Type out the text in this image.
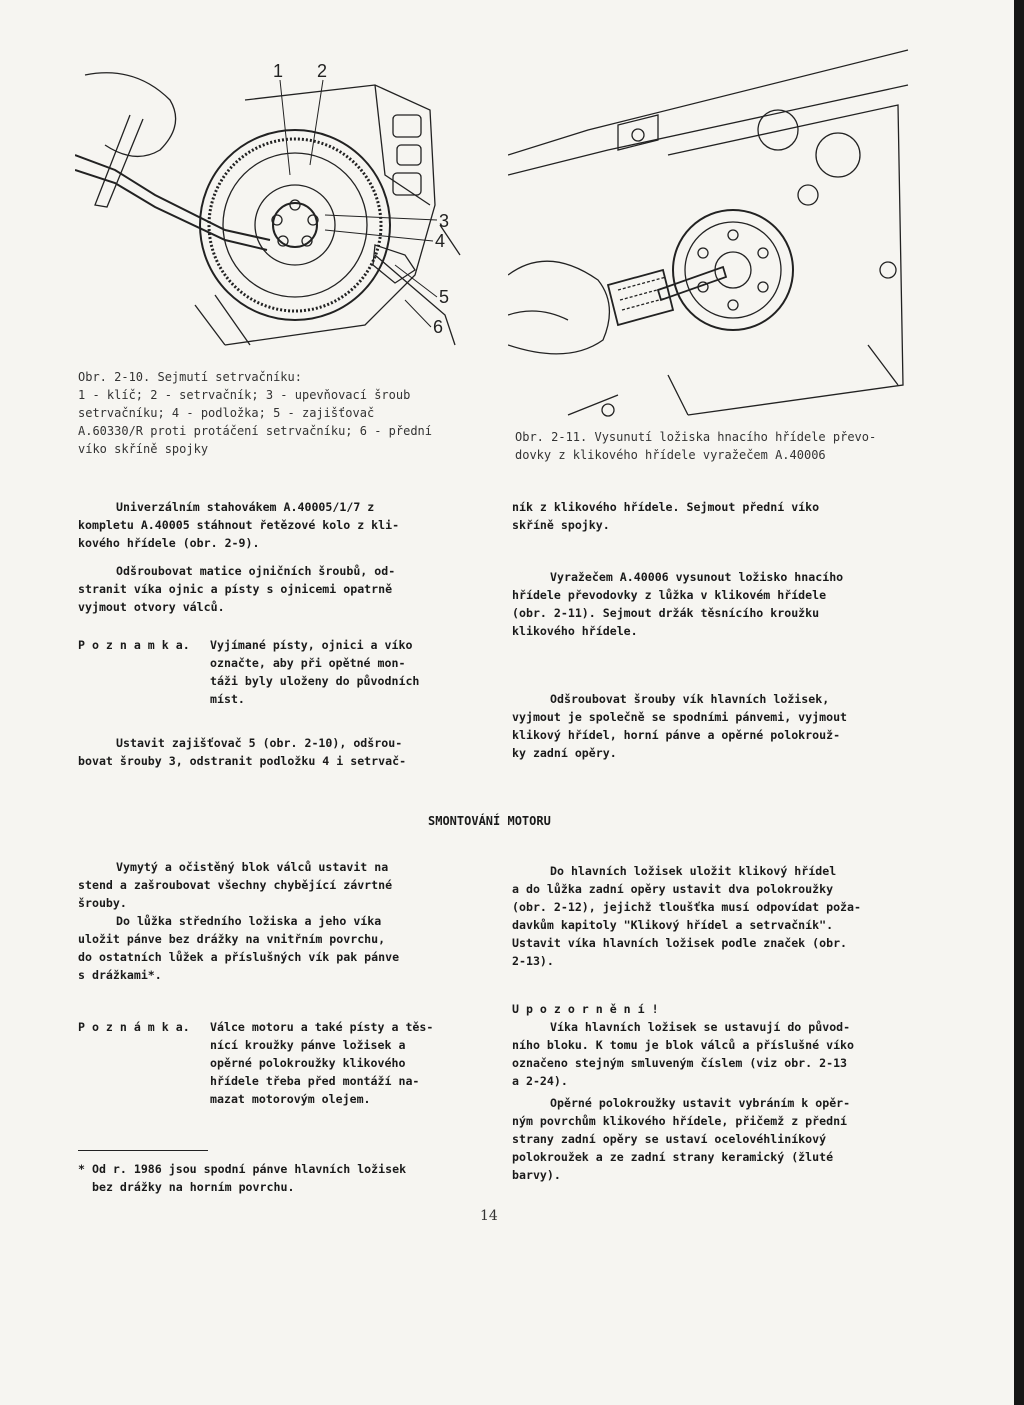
1 2
3
4
5
6
Obr. 2-10. Sejmutí setrvačníku:
1 - klíč; 2 - setrvačník; 3 - upevňovací šroub
setrvačníku; 4 - podložka; 5 - zajišťovač
A.60330/R proti protáčení setrvačníku; 6 - přední
víko skříně spojky
Obr. 2-11. Vysunutí ložiska hnacího hřídele převo-
dovky z klikového hřídele vyražečem A.40006
Univerzálním stahovákem A.40005/1/7 z
kompletu A.40005 stáhnout řetězové kolo z kli-
kového hřídele (obr. 2-9).
Odšroubovat matice ojničních šroubů, od-
stranit víka ojnic a písty s ojnicemi opatrně
vyjmout otvory válců.
P o z n a m k a. Vyjímané písty, ojnici a víko
označte, aby při opětné mon-
táži byly uloženy do původních
míst.
Ustavit zajišťovač 5 (obr. 2-10), odšrou-
bovat šrouby 3, odstranit podložku 4 i setrvač-
ník z klikového hřídele. Sejmout přední víko
skříně spojky.
Vyražečem A.40006 vysunout ložisko hnacího
hřídele převodovky z lůžka v klikovém hřídele
(obr. 2-11). Sejmout držák těsnícího kroužku
klikového hřídele.
Odšroubovat šrouby vík hlavních ložisek,
vyjmout je společně se spodními pánvemi, vyjmout
klikový hřídel, horní pánve a opěrné polokrouž-
ky zadní opěry.
SMONTOVÁNÍ MOTORU
Vymytý a očistěný blok válců ustavit na
stend a zašroubovat všechny chybějící závrtné
šrouby.
Do lůžka středního ložiska a jeho víka
uložit pánve bez drážky na vnitřním povrchu,
do ostatních lůžek a příslušných vík pak pánve
s drážkami*.
P o z n á m k a. Válce motoru a také písty a těs-
nící kroužky pánve ložisek a
opěrné polokroužky klikového
hřídele třeba před montáží na-
mazat motorovým olejem.
* Od r. 1986 jsou spodní pánve hlavních ložisek
bez drážky na horním povrchu.
Do hlavních ložisek uložit klikový hřídel
a do lůžka zadní opěry ustavit dva polokroužky
(obr. 2-12), jejichž tloušťka musí odpovídat poža-
davkům kapitoly "Klikový hřídel a setrvačník".
Ustavit víka hlavních ložisek podle značek (obr.
2-13).
U p o z o r n ě n í !
Víka hlavních ložisek se ustavují do původ-
ního bloku. K tomu je blok válců a příslušné víko
označeno stejným smluveným číslem (viz obr. 2-13
a 2-24).
Opěrné polokroužky ustavit vybráním k opěr-
ným povrchům klikového hřídele, přičemž z přední
strany zadní opěry se ustaví ocelovéhliníkový
polokroužek a ze zadní strany keramický (žluté
barvy).
14
